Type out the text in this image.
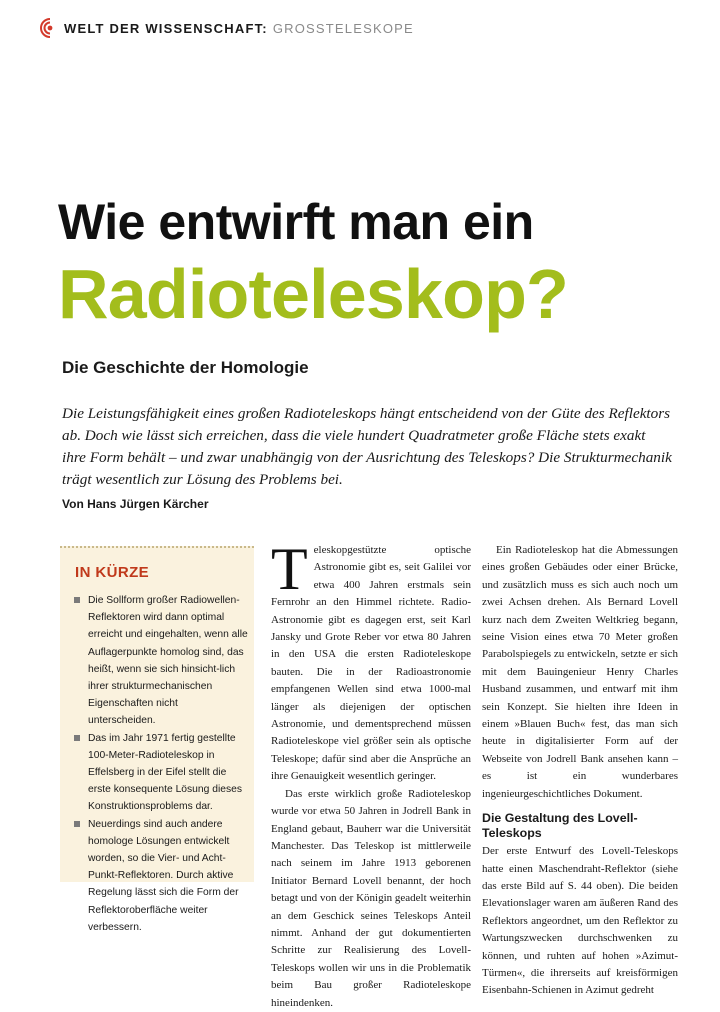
WELT DER WISSENSCHAFT: GROSSTELESKOPE
Wie entwirft man ein
Radioteleskop?
Die Geschichte der Homologie
Die Leistungsfähigkeit eines großen Radioteleskops hängt entscheidend von der Güte des Reflektors ab. Doch wie lässt sich erreichen, dass die viele hundert Quadratmeter große Fläche stets exakt ihre Form behält – und zwar unabhängig von der Ausrichtung des Teleskops? Die Strukturmechanik trägt wesentlich zur Lösung des Problems bei.
Von Hans Jürgen Kärcher
IN KÜRZE
Die Sollform großer Radiowellen-Reflektoren wird dann optimal erreicht und eingehalten, wenn alle Auflagerpunkte homolog sind, das heißt, wenn sie sich hinsicht-lich ihrer strukturmechanischen Eigenschaften nicht unterscheiden.
Das im Jahr 1971 fertig gestellte 100-Meter-Radioteleskop in Effelsberg in der Eifel stellt die erste konsequente Lösung dieses Konstruktionsproblems dar.
Neuerdings sind auch andere homologe Lösungen entwickelt worden, so die Vier- und Acht-Punkt-Reflektoren. Durch aktive Regelung lässt sich die Form der Reflektoroberfläche weiter verbessern.

Teleskopgestützte optische Astronomie gibt es, seit Galilei vor etwa 400 Jahren erstmals sein Fernrohr an den Himmel richtete. Radio-Astronomie gibt es dagegen erst, seit Karl Jansky und Grote Reber vor etwa 80 Jahren in den USA die ersten Radioteleskope bauten. Die in der Radioastronomie empfangenen Wellen sind etwa 1000-mal länger als diejenigen der optischen Astronomie, und dementsprechend müssen Radioteleskope viel größer sein als optische Teleskope; dafür sind aber die Ansprüche an ihre Genauigkeit wesentlich geringer.

Das erste wirklich große Radioteleskop wurde vor etwa 50 Jahren in Jodrell Bank in England gebaut, Bauherr war die Universität Manchester. Das Teleskop ist mittlerweile nach seinem im Jahre 1913 geborenen Initiator Bernard Lovell benannt, der hoch betagt und von der Königin geadelt weiterhin an dem Geschick seines Teleskops Anteil nimmt. Anhand der gut dokumentierten Schritte zur Realisierung des Lovell-Teleskops wollen wir uns in die Problematik beim Bau großer Radioteleskope hineindenken.

Ein Radioteleskop hat die Abmessungen eines großen Gebäudes oder einer Brücke, und zusätzlich muss es sich auch noch um zwei Achsen drehen. Als Bernard Lovell kurz nach dem Zweiten Weltkrieg begann, seine Vision eines etwa 70 Meter großen Parabolspiegels zu entwickeln, setzte er sich mit dem Bauingenieur Henry Charles Husband zusammen, und entwarf mit ihm sein Konzept. Sie hielten ihre Ideen in einem »Blauen Buch« fest, das man sich heute in digitalisierter Form auf der Webseite von Jodrell Bank ansehen kann – es ist ein wunderbares ingenieurgeschichtliches Dokument.

Die Gestaltung des Lovell-Teleskops

Der erste Entwurf des Lovell-Teleskops hatte einen Maschendraht-Reflektor (siehe das erste Bild auf S. 44 oben). Die beiden Elevationslager waren am äußeren Rand des Reflektors angeordnet, um den Reflektor zu Wartungszwecken durchschwenken zu können, und ruhten auf hohen »Azimut-Türmen«, die ihrerseits auf kreisförmigen Eisenbahn-Schienen in Azimut gedreht
